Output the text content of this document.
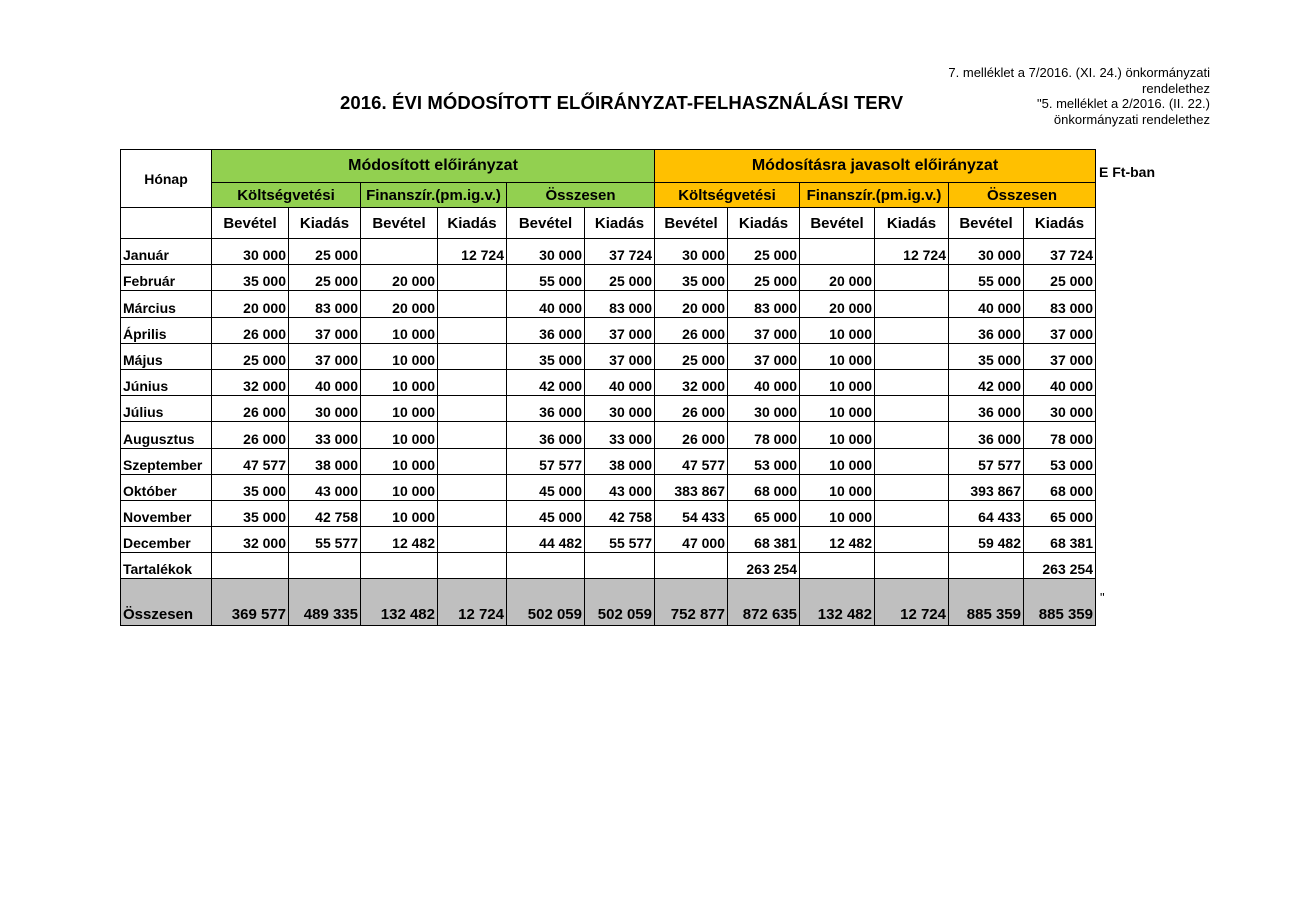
7. melléklet a 7/2016. (XI. 24.) önkormányzati
rendelethez
"5. melléklet a 2/2016. (II. 22.)
önkormányzati rendelethez
2016. ÉVI MÓDOSÍTOTT ELŐIRÁNYZAT-FELHASZNÁLÁSI TERV
E Ft-ban
"
Hónap	Módosított előirányzat						Módosításra javasolt előirányzat					
	Költségvetési		Finanszír.(pm.ig.v.)		Összesen		Költségvetési		Finanszír.(pm.ig.v.)		Összesen	
	Bevétel	Kiadás	Bevétel	Kiadás	Bevétel	Kiadás	Bevétel	Kiadás	Bevétel	Kiadás	Bevétel	Kiadás
Január	30 000	25 000		12 724	30 000	37 724	30 000	25 000		12 724	30 000	37 724
Február	35 000	25 000	20 000		55 000	25 000	35 000	25 000	20 000		55 000	25 000
Március	20 000	83 000	20 000		40 000	83 000	20 000	83 000	20 000		40 000	83 000
Április	26 000	37 000	10 000		36 000	37 000	26 000	37 000	10 000		36 000	37 000
Május	25 000	37 000	10 000		35 000	37 000	25 000	37 000	10 000		35 000	37 000
Június	32 000	40 000	10 000		42 000	40 000	32 000	40 000	10 000		42 000	40 000
Július	26 000	30 000	10 000		36 000	30 000	26 000	30 000	10 000		36 000	30 000
Augusztus	26 000	33 000	10 000		36 000	33 000	26 000	78 000	10 000		36 000	78 000
Szeptember	47 577	38 000	10 000		57 577	38 000	47 577	53 000	10 000		57 577	53 000
Október	35 000	43 000	10 000		45 000	43 000	383 867	68 000	10 000		393 867	68 000
November	35 000	42 758	10 000		45 000	42 758	54 433	65 000	10 000		64 433	65 000
December	32 000	55 577	12 482		44 482	55 577	47 000	68 381	12 482		59 482	68 381
Tartalékok								263 254				263 254
Összesen	369 577	489 335	132 482	12 724	502 059	502 059	752 877	872 635	132 482	12 724	885 359	885 359
